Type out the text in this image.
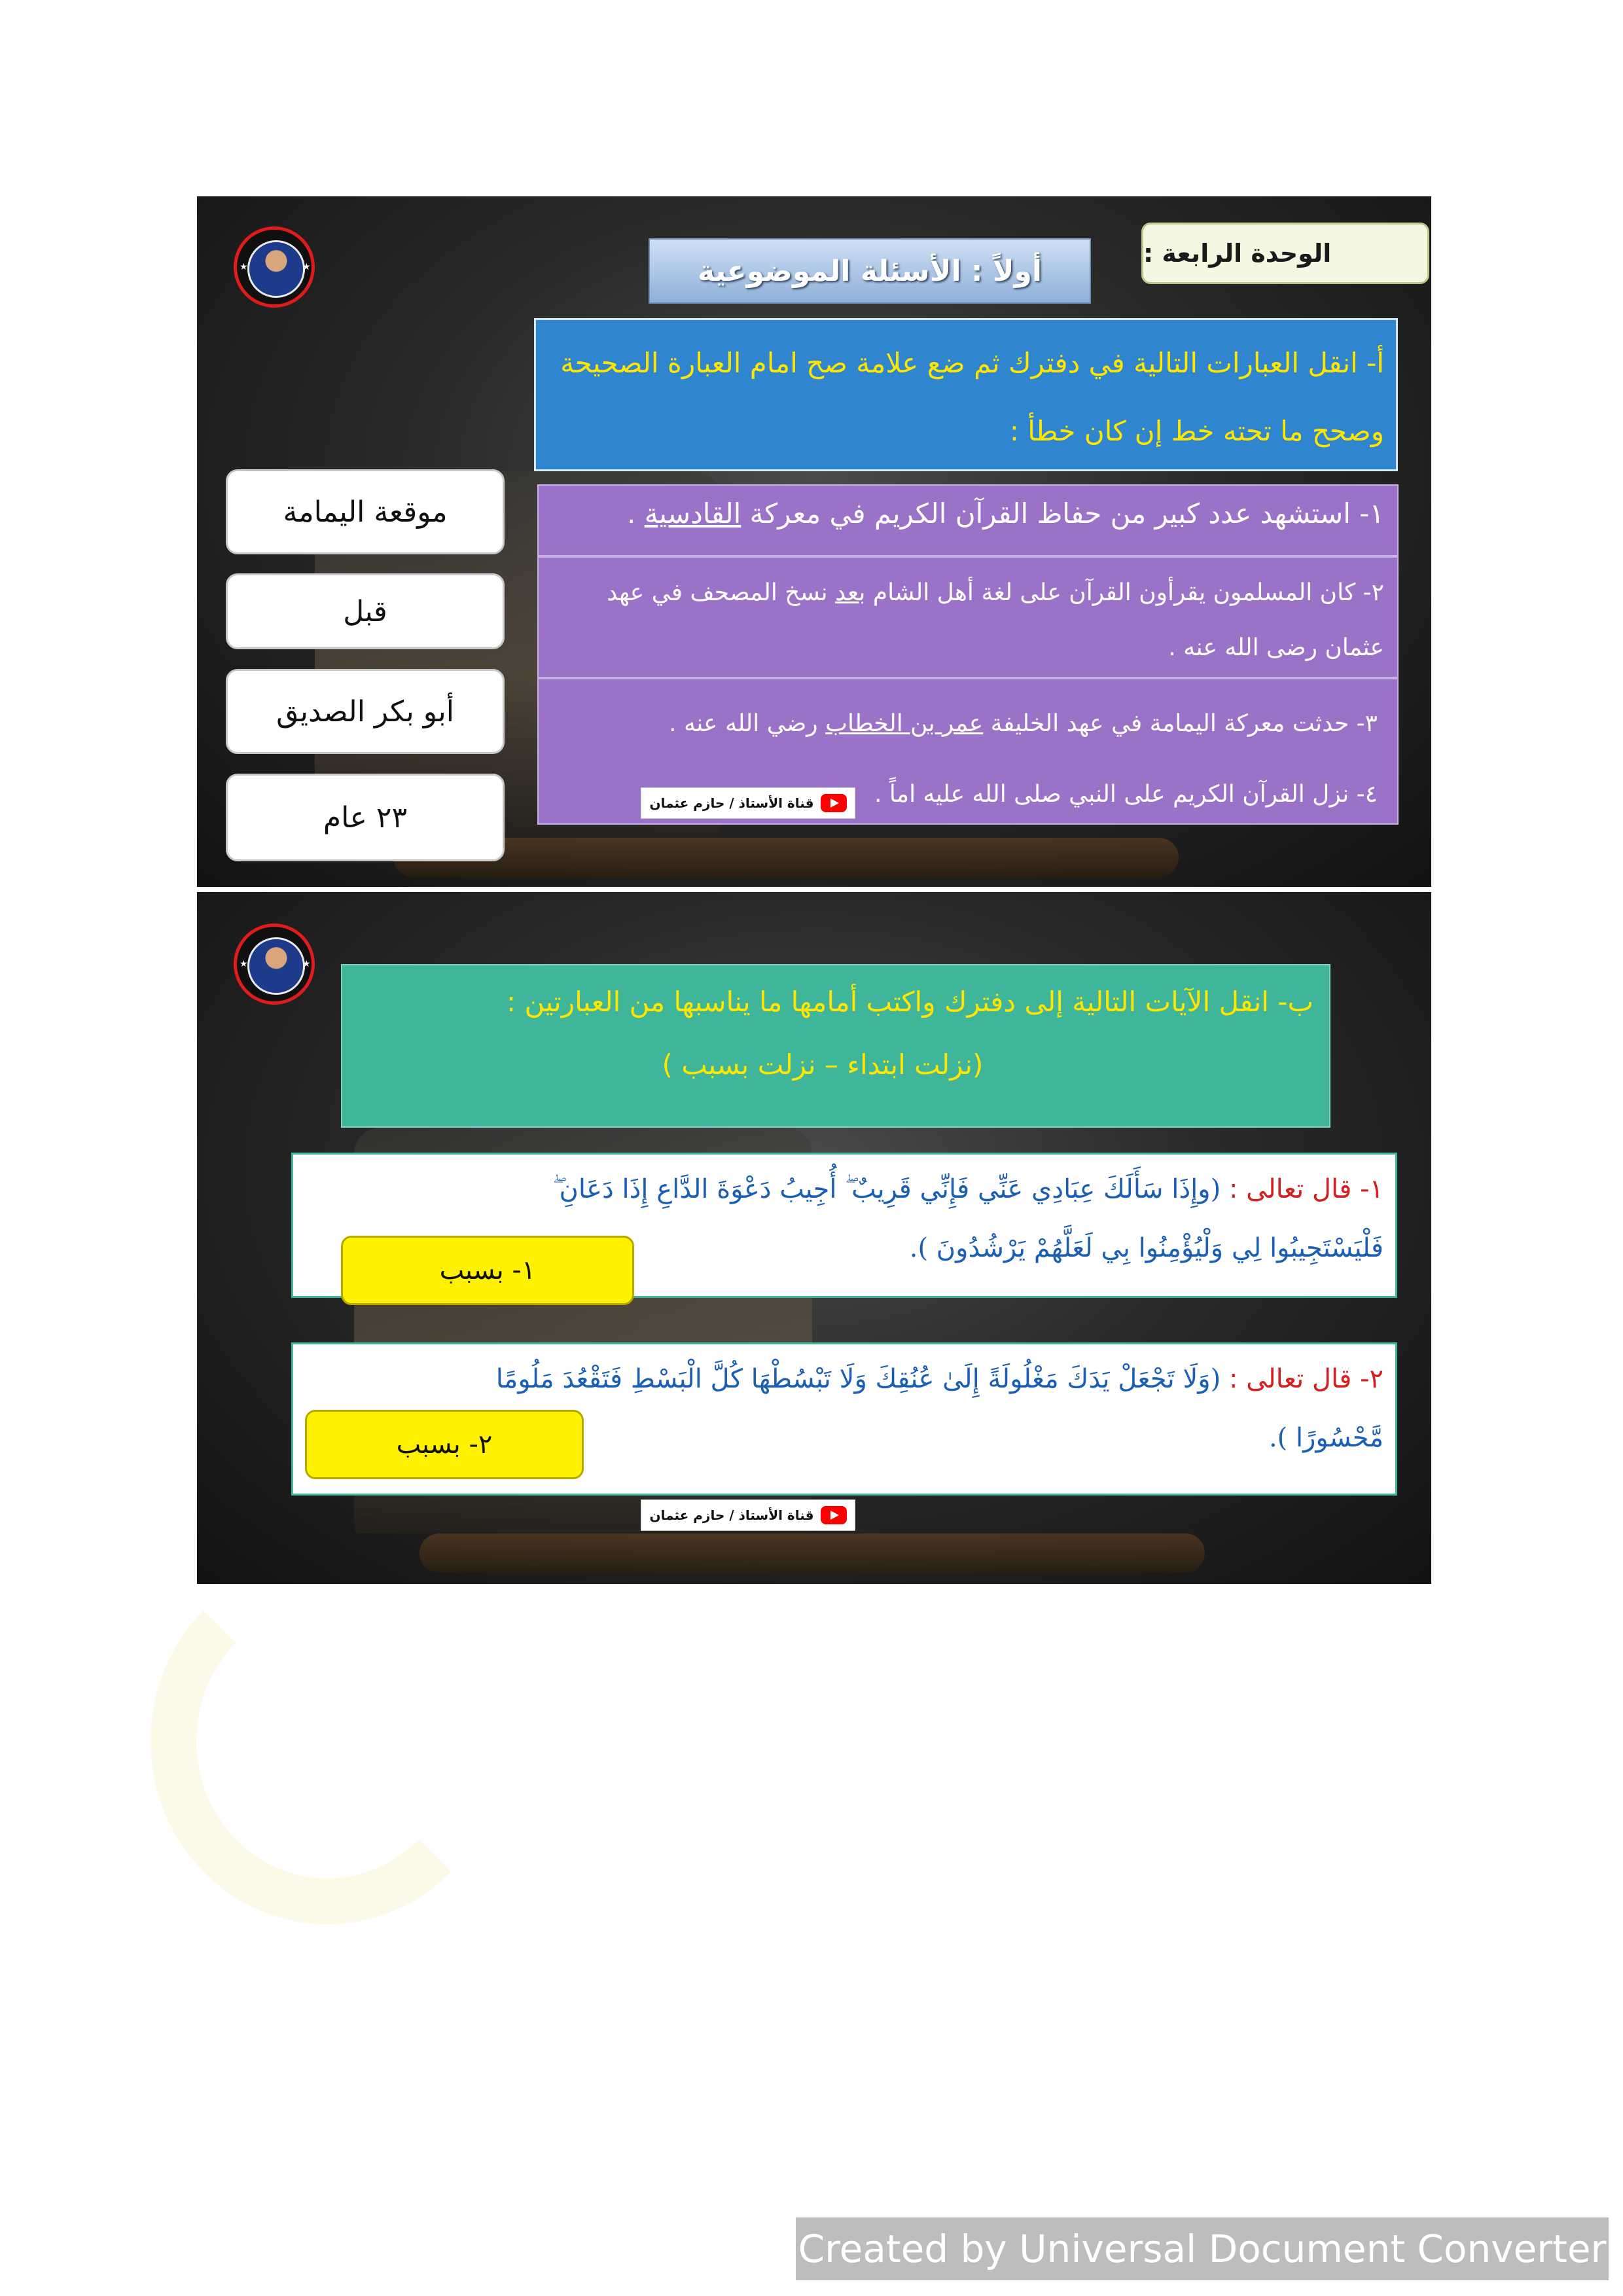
★	★	الوحدة الرابعة :
أولاً : الأسئلة الموضوعية
أ- انقل العبارات التالية في دفترك ثم ضع علامة صح امام العبارة الصحيحة وصحح ما تحته خط إن كان خطأ :
١- استشهد عدد كبير من حفاظ القرآن الكريم في معركة القادسية .
٢- كان المسلمون يقرأون القرآن على لغة أهل الشام بعد نسخ المصحف في عهد عثمان رضى الله عنه .
٣- حدثت معركة اليمامة في عهد الخليفة عمر بن الخطاب رضي الله عنه .
٤- نزل القرآن الكريم على النبي صلى الله عليه اماً .
قناة الأستاذ / حازم عثمان
موقعة اليمامة
قبل
أبو بكر الصديق
٢٣ عام
★	★
ب- انقل الآيات التالية إلى دفترك واكتب أمامها ما يناسبها من العبارتين :
(نزلت ابتداء – نزلت بسبب )
١- قال تعالى : (وإِذَا سَأَلَكَ عِبَادِي عَنِّي فَإِنِّي قَرِيبٌ ۖ أُجِيبُ دَعْوَةَ الدَّاعِ إِذَا دَعَانِ ۖ
فَلْيَسْتَجِيبُوا لِي وَلْيُؤْمِنُوا بِي لَعَلَّهُمْ يَرْشُدُونَ ).
١- بسبب
٢- قال تعالى : (وَلَا تَجْعَلْ يَدَكَ مَغْلُولَةً إِلَىٰ عُنُقِكَ وَلَا تَبْسُطْهَا كُلَّ الْبَسْطِ فَتَقْعُدَ مَلُومًا
مَّحْسُورًا ).
٢- بسبب
قناة الأستاذ / حازم عثمان
Created by Universal Document Converter
